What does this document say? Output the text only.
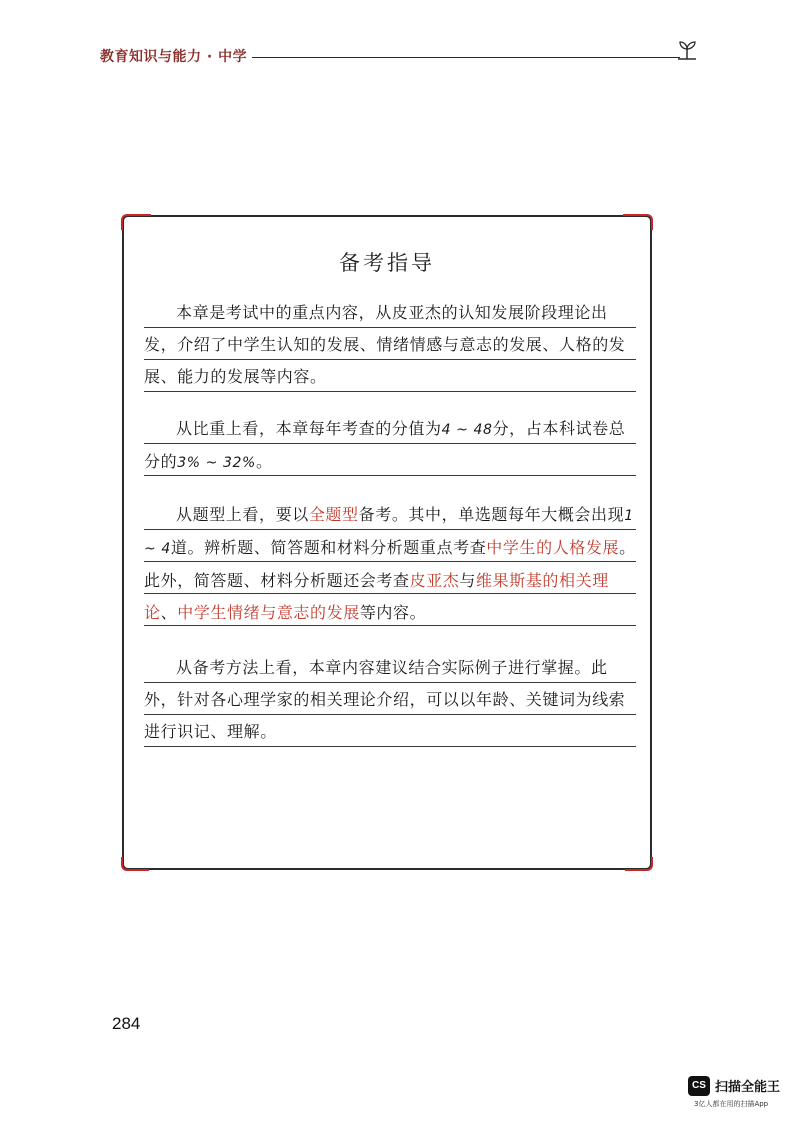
教育知识与能力 · 中学
备考指导

本章是考试中的重点内容，从皮亚杰的认知发展阶段理论出发，介绍了中学生认知的发展、情绪情感与意志的发展、人格的发展、能力的发展等内容。

从比重上看，本章每年考查的分值为4 ~ 48分，占本科试卷总分的3% ~ 32%。

从题型上看，要以全题型备考。其中，单选题每年大概会出现1 ~ 4道。辨析题、简答题和材料分析题重点考查中学生的人格发展。此外，简答题、材料分析题还会考查皮亚杰与维果斯基的相关理论、中学生情绪与意志的发展等内容。

从备考方法上看，本章内容建议结合实际例子进行掌握。此外，针对各心理学家的相关理论介绍，可以以年龄、关键词为线索进行识记、理解。

284
CS 扫描全能王
3亿人都在用的扫描App
